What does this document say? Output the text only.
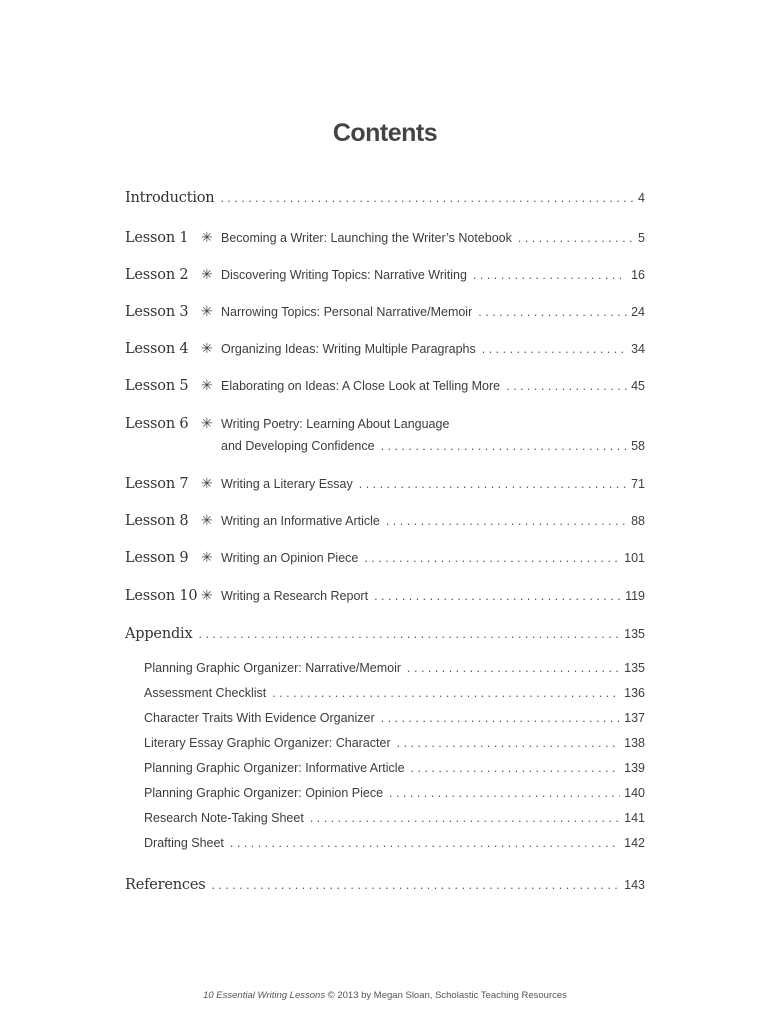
Contents
Introduction . . .	4
Lesson 1 ✳ Becoming a Writer: Launching the Writer’s Notebook . . .	5
Lesson 2 ✳ Discovering Writing Topics: Narrative Writing . . .	16
Lesson 3 ✳ Narrowing Topics: Personal Narrative/Memoir . . .	24
Lesson 4 ✳ Organizing Ideas: Writing Multiple Paragraphs . . .	34
Lesson 5 ✳ Elaborating on Ideas: A Close Look at Telling More . . .	45
Lesson 6 ✳ Writing Poetry: Learning About Language
and Developing Confidence . . .	58
Lesson 7 ✳ Writing a Literary Essay . . .	71
Lesson 8 ✳ Writing an Informative Article . . .	88
Lesson 9 ✳ Writing an Opinion Piece . . .	101
Lesson 10 ✳ Writing a Research Report . . .	119
Appendix . . .	135
Planning Graphic Organizer: Narrative/Memoir . . .	135
Assessment Checklist . . .	136
Character Traits With Evidence Organizer . . .	137
Literary Essay Graphic Organizer: Character . . .	138
Planning Graphic Organizer: Informative Article . . .	139
Planning Graphic Organizer: Opinion Piece . . .	140
Research Note-Taking Sheet . . .	141
Drafting Sheet . . .	142
References . . .	143
10 Essential Writing Lessons © 2013 by Megan Sloan, Scholastic Teaching Resources
